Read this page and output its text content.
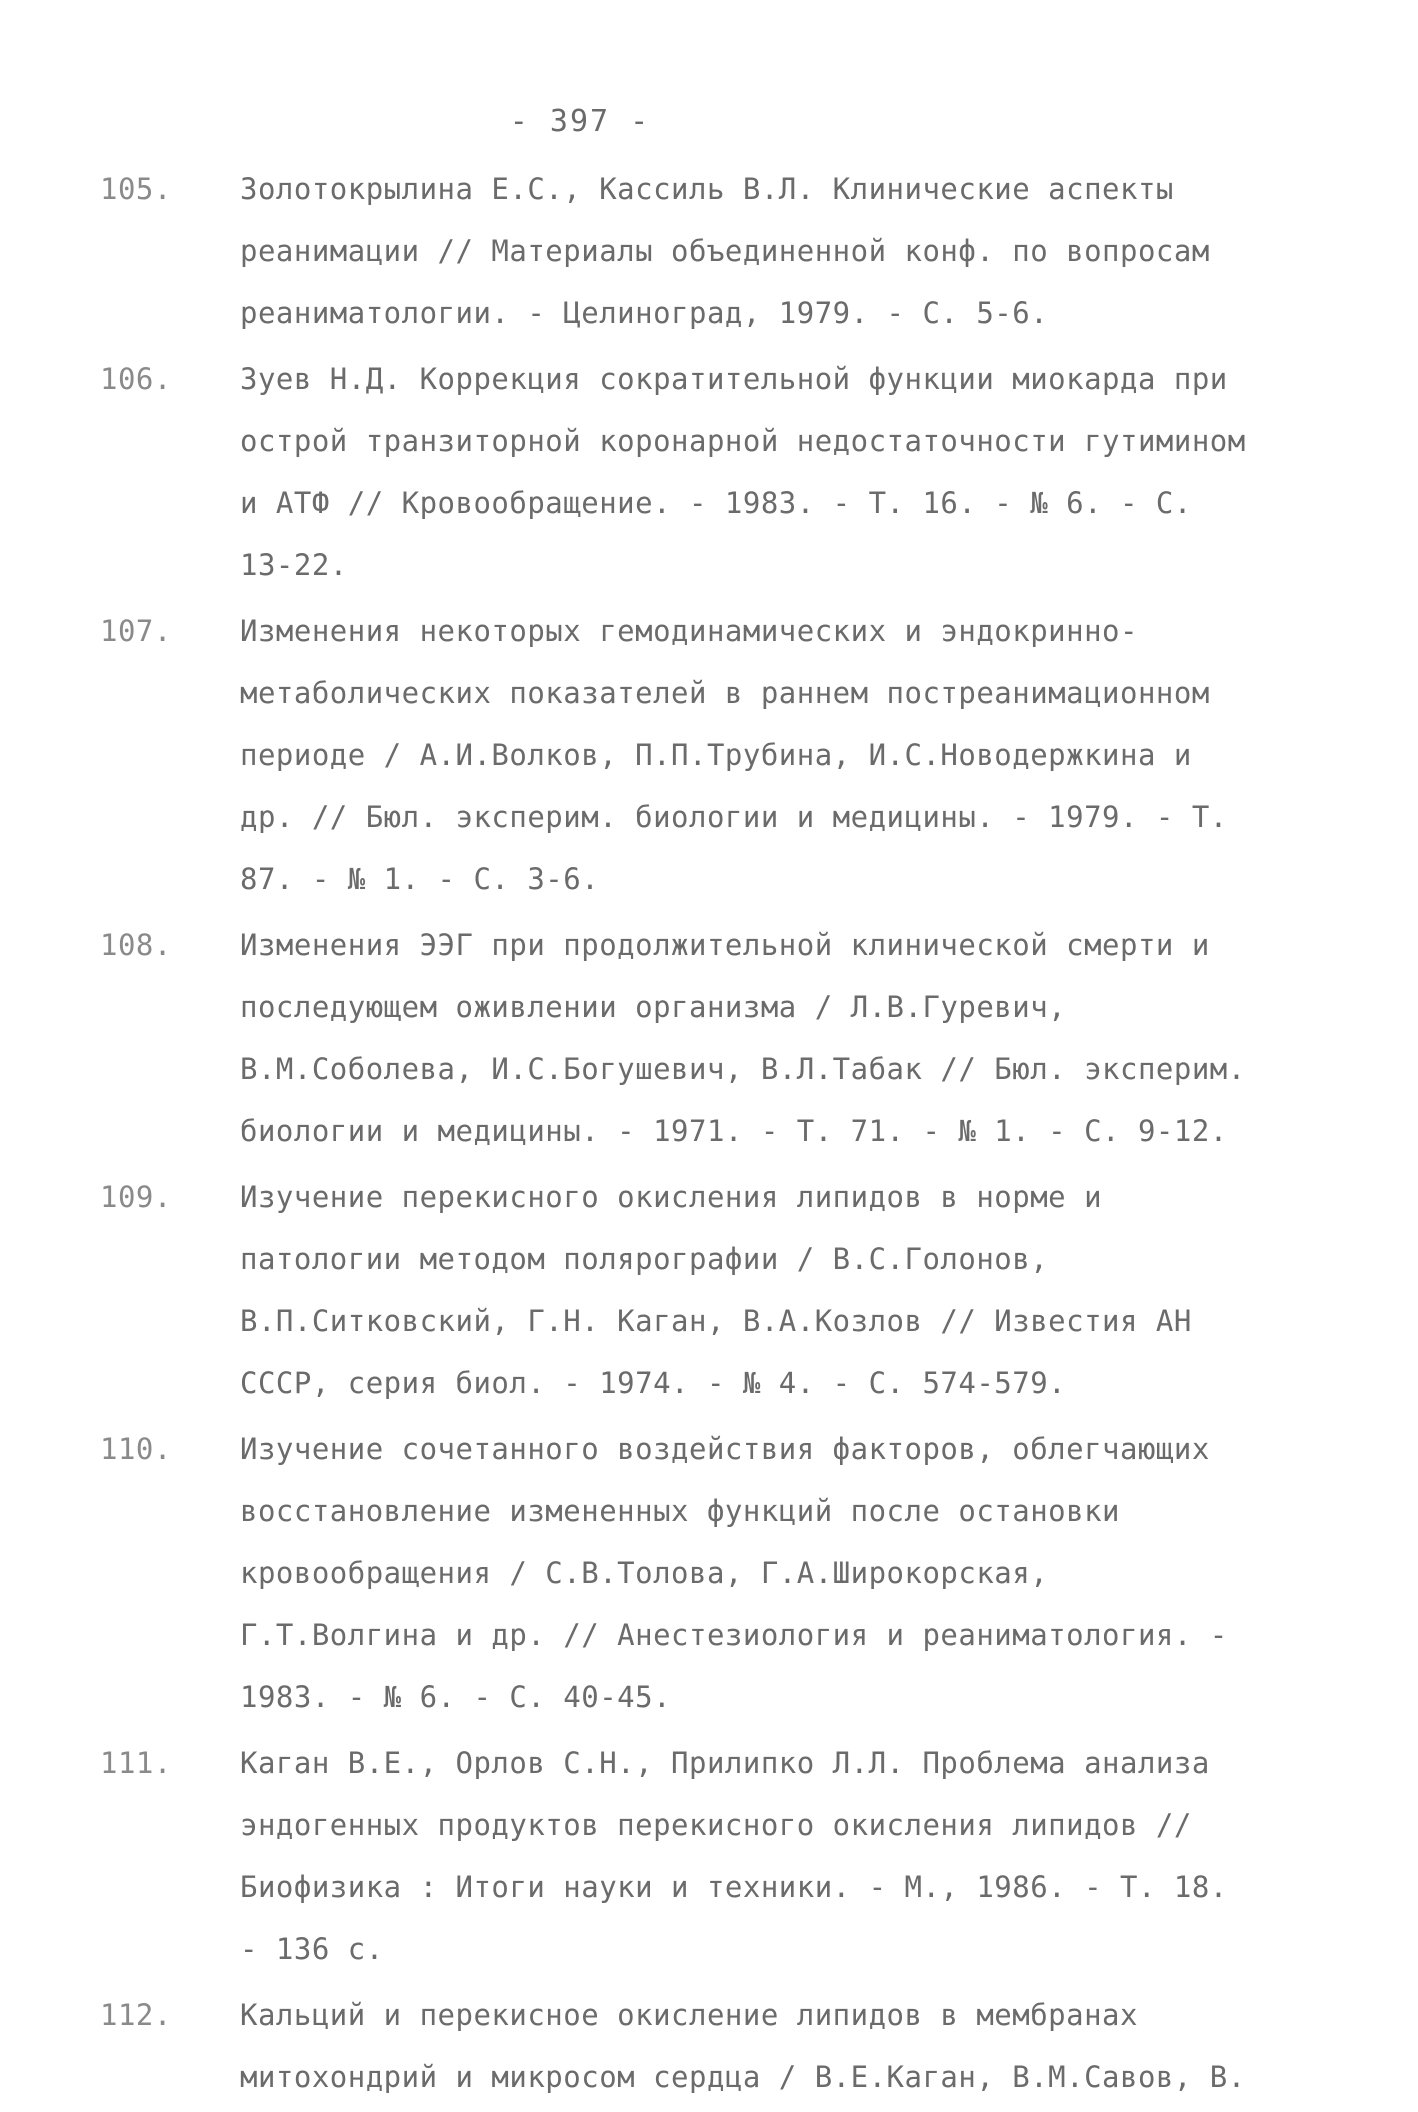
- 397 -
105.	Золотокрылина Е.С., Кассиль В.Л. Клинические аспекты реанимации // Материалы объединенной конф. по вопросам реаниматологии. - Целиноград, 1979. - С. 5-6.
106.	Зуев Н.Д. Коррекция сократительной функции миокарда при острой транзиторной коронарной недостаточности гутимином и АТФ // Кровообращение. - 1983. - Т. 16. - № 6. - С. 13-22.
107.	Изменения некоторых гемодинамических и эндокринно-метаболических показателей в раннем постреанимационном периоде / А.И.Волков, П.П.Трубина, И.С.Новодержкина и др. // Бюл. эксперим. биологии и медицины. - 1979. - Т. 87. - № 1. - С. 3-6.
108.	Изменения ЭЭГ при продолжительной клинической смерти и последующем оживлении организма / Л.В.Гуревич, В.М.Соболева, И.С.Богушевич, В.Л.Табак // Бюл. эксперим. биологии и медицины. - 1971. - Т. 71. - № 1. - С. 9-12.
109.	Изучение перекисного окисления липидов в норме и патологии методом полярографии / В.С.Голонов, В.П.Ситковский, Г.Н. Каган, В.А.Козлов // Известия АН СССР, серия биол. - 1974. - № 4. - С. 574-579.
110.	Изучение сочетанного воздействия факторов, облегчающих восстановление измененных функций после остановки кровообращения / С.В.Толова, Г.А.Широкорская, Г.Т.Волгина и др. // Анестезиология и реаниматология. - 1983. - № 6. - С. 40-45.
111.	Каган В.Е., Орлов С.Н., Прилипко Л.Л. Проблема анализа эндогенных продуктов перекисного окисления липидов // Биофизика : Итоги науки и техники. - М., 1986. - Т. 18. - 136 с.
112.	Кальций и перекисное окисление липидов в мембранах митохондрий и микросом сердца / В.Е.Каган, В.М.Савов, В.
